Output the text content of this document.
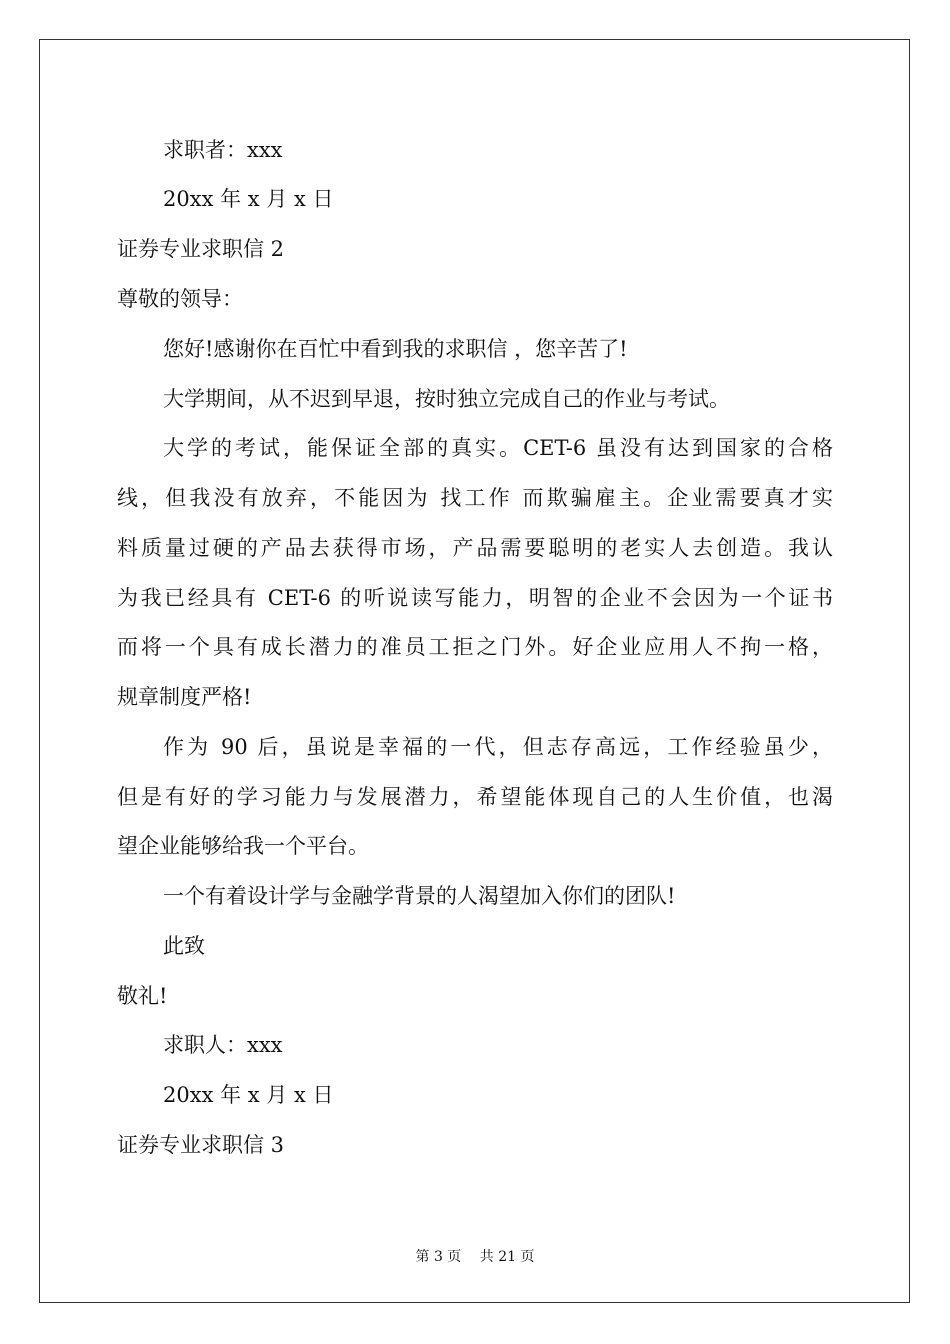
求职者：xxx
20xx 年 x 月 x 日
证券专业求职信 2
尊敬的领导：
您好!感谢你在百忙中看到我的求职信 ，您辛苦了!
大学期间，从不迟到早退，按时独立完成自己的作业与考试。
大学的考试，能保证全部的真实。CET-6 虽没有达到国家的合格
线，但我没有放弃，不能因为 找工作 而欺骗雇主。企业需要真才实
料质量过硬的产品去获得市场，产品需要聪明的老实人去创造。我认
为我已经具有 CET-6 的听说读写能力，明智的企业不会因为一个证书
而将一个具有成长潜力的准员工拒之门外。好企业应用人不拘一格，
规章制度严格!
作为 90 后，虽说是幸福的一代，但志存高远，工作经验虽少，
但是有好的学习能力与发展潜力，希望能体现自己的人生价值，也渴
望企业能够给我一个平台。
一个有着设计学与金融学背景的人渴望加入你们的团队!
此致
敬礼!
求职人：xxx
20xx 年 x 月 x 日
证券专业求职信 3
第 3 页　 共 21 页
